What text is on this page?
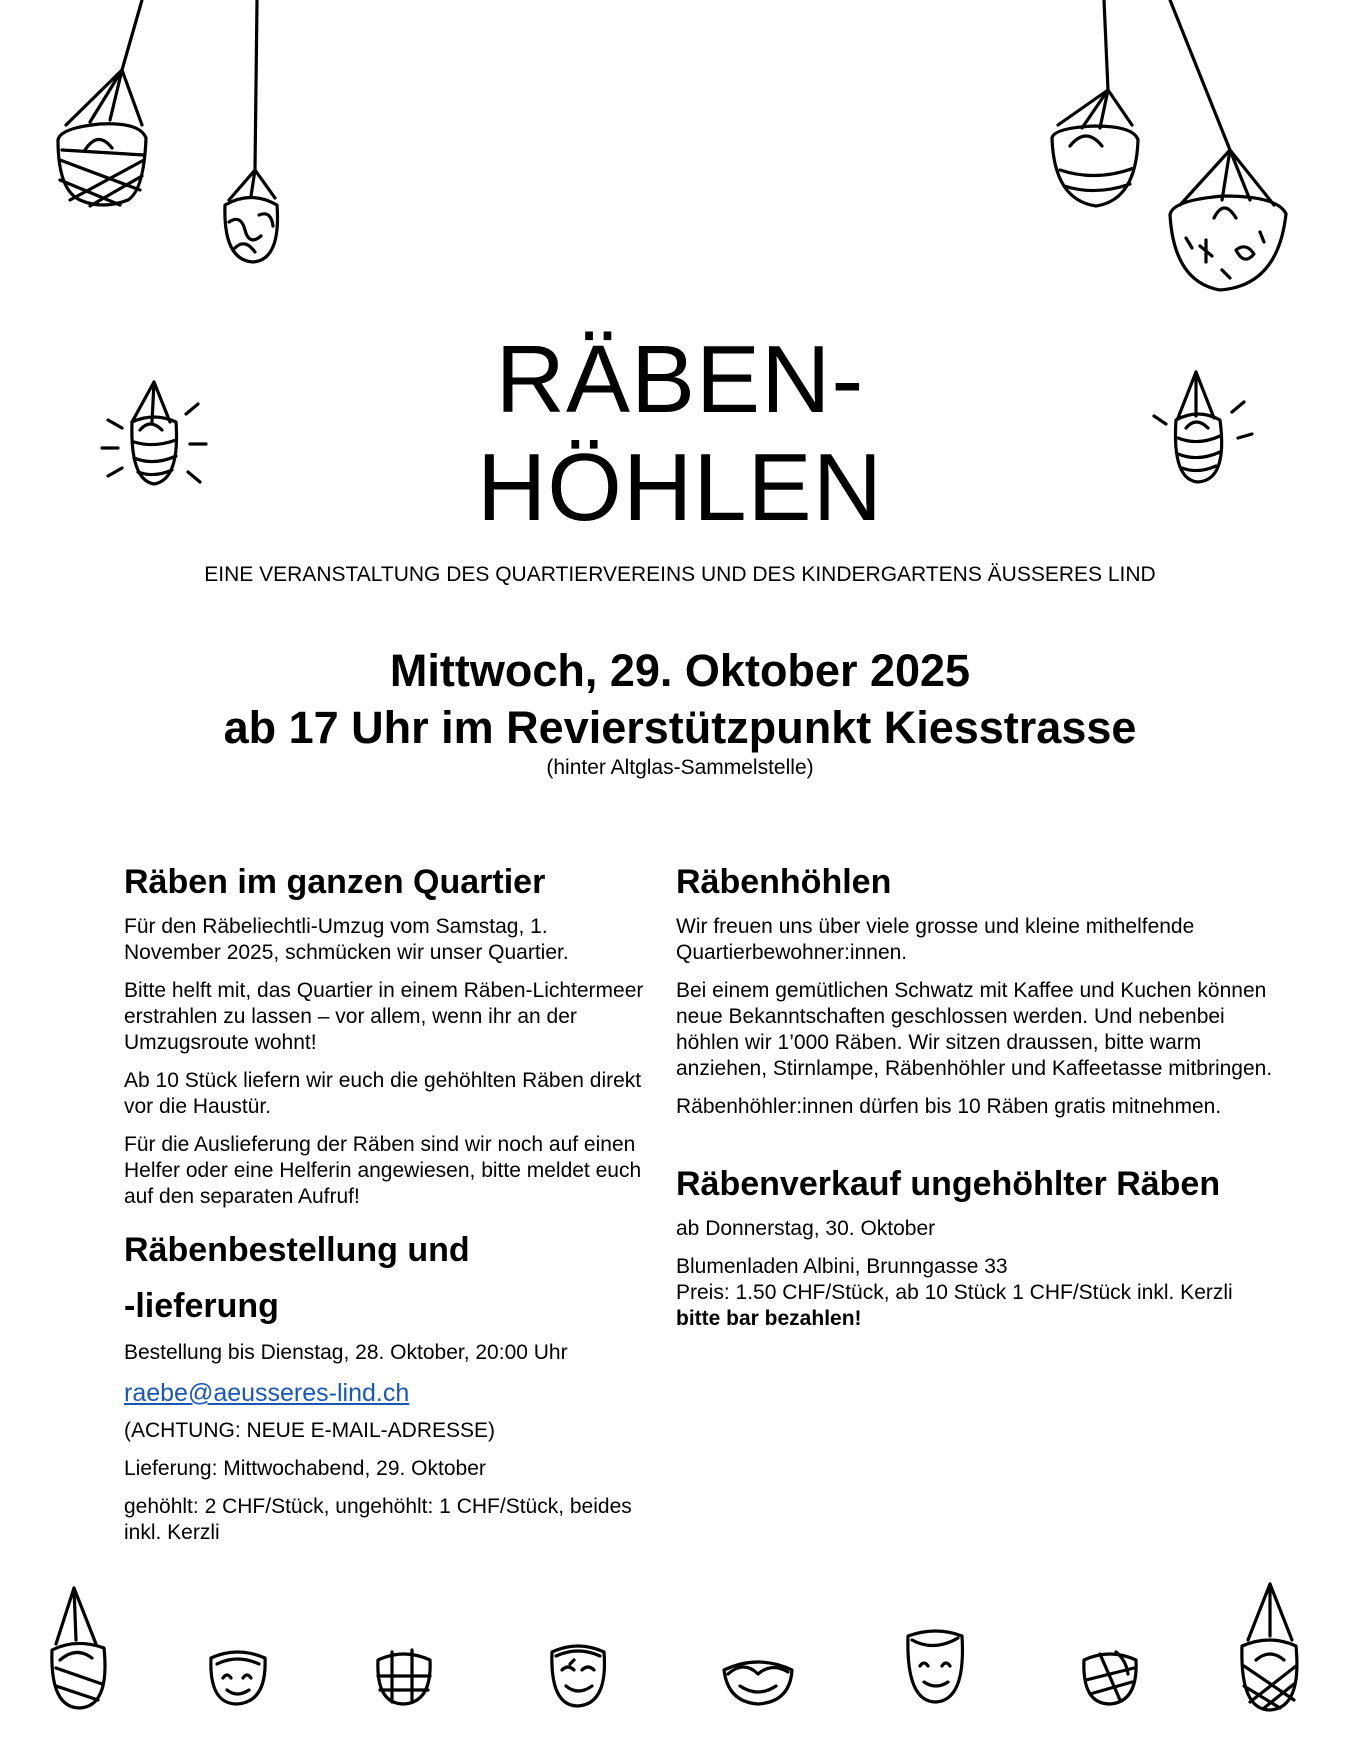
RÄBEN-
HÖHLEN
EINE VERANSTALTUNG DES QUARTIERVEREINS UND DES KINDERGARTENS ÄUSSERES LIND
Mittwoch, 29. Oktober 2025
ab 17 Uhr im Revierstützpunkt Kiesstrasse
(hinter Altglas-Sammelstelle)
Räben im ganzen Quartier

Für den Räbeliechtli-Umzug vom Samstag, 1. November 2025, schmücken wir unser Quartier.

Bitte helft mit, das Quartier in einem Räben-Lichtermeer erstrahlen zu lassen – vor allem, wenn ihr an der Umzugsroute wohnt!

Ab 10 Stück liefern wir euch die gehöhlten Räben direkt vor die Haustür.

Für die Auslieferung der Räben sind wir noch auf einen Helfer oder eine Helferin angewiesen, bitte meldet euch auf den separaten Aufruf!

Räbenbestellung und
-lieferung

Bestellung bis Dienstag, 28. Oktober, 20:00 Uhr

raebe@aeusseres-lind.ch

(ACHTUNG: NEUE E-MAIL-ADRESSE)

Lieferung: Mittwochabend, 29. Oktober

gehöhlt: 2 CHF/Stück, ungehöhlt: 1 CHF/Stück, beides inkl. Kerzli

Räbenhöhlen

Wir freuen uns über viele grosse und kleine mithelfende Quartierbewohner:innen.

Bei einem gemütlichen Schwatz mit Kaffee und Kuchen können neue Bekanntschaften geschlossen werden. Und nebenbei höhlen wir 1’000 Räben. Wir sitzen draussen, bitte warm anziehen, Stirnlampe, Räbenhöhler und Kaffeetasse mitbringen.

Räbenhöhler:innen dürfen bis 10 Räben gratis mitnehmen.

Räbenverkauf ungehöhlter Räben

ab Donnerstag, 30. Oktober

Blumenladen Albini, Brunngasse 33

Preis: 1.50 CHF/Stück, ab 10 Stück 1 CHF/Stück inkl. Kerzli

bitte bar bezahlen!
